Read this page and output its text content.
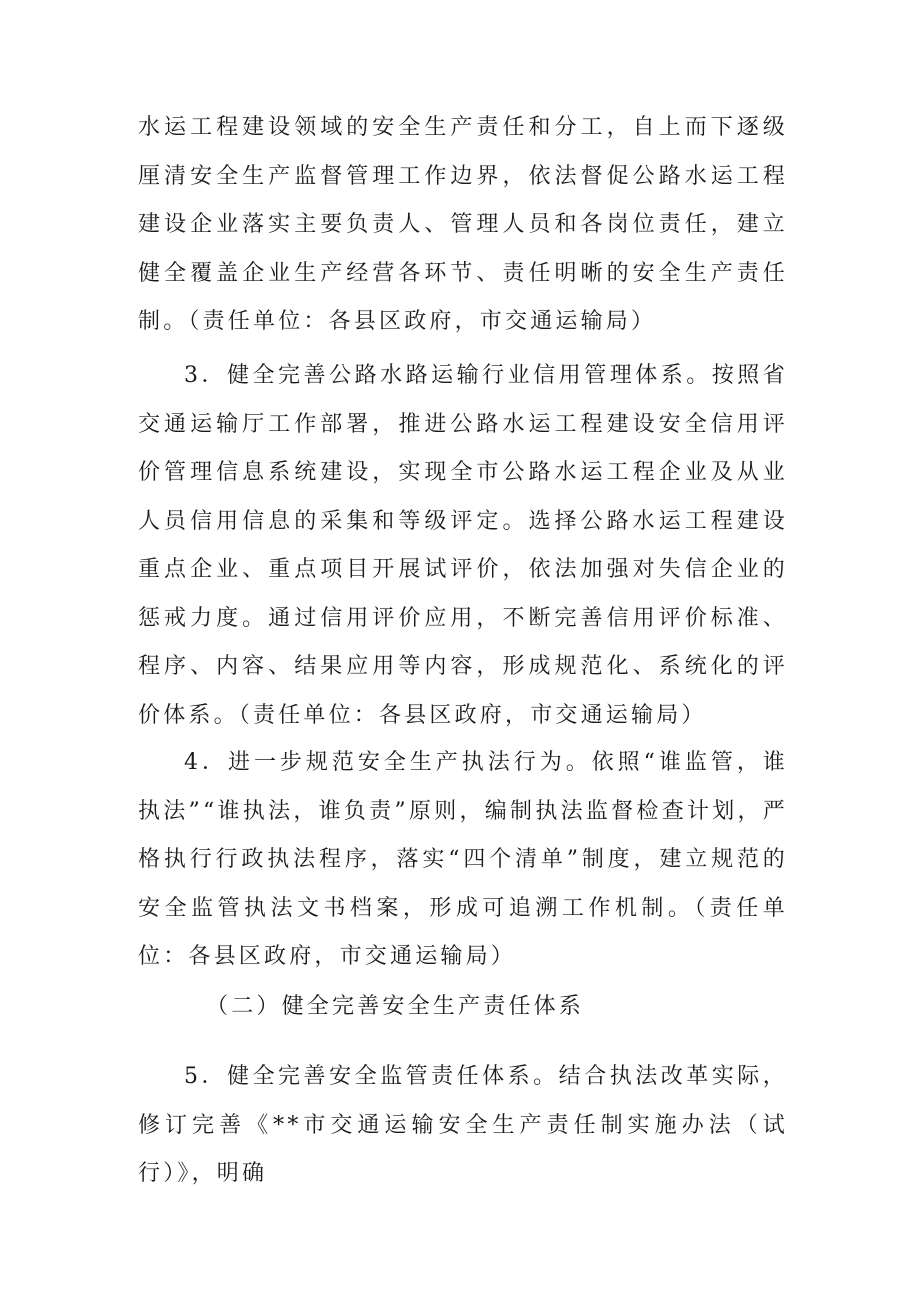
水运工程建设领域的安全生产责任和分工，自上而下逐级厘清安全生产监督管理工作边界，依法督促公路水运工程建设企业落实主要负责人、管理人员和各岗位责任，建立健全覆盖企业生产经营各环节、责任明晰的安全生产责任制。（责任单位：各县区政府，市交通运输局）

3．健全完善公路水路运输行业信用管理体系。按照省交通运输厅工作部署，推进公路水运工程建设安全信用评价管理信息系统建设，实现全市公路水运工程企业及从业人员信用信息的采集和等级评定。选择公路水运工程建设重点企业、重点项目开展试评价，依法加强对失信企业的惩戒力度。通过信用评价应用，不断完善信用评价标准、程序、内容、结果应用等内容，形成规范化、系统化的评价体系。（责任单位：各县区政府，市交通运输局）

4．进一步规范安全生产执法行为。依照“谁监管，谁执法”“谁执法，谁负责”原则，编制执法监督检查计划，严格执行行政执法程序，落实“四个清单”制度，建立规范的安全监管执法文书档案，形成可追溯工作机制。（责任单位：各县区政府，市交通运输局）

（二）健全完善安全生产责任体系

5．健全完善安全监管责任体系。结合执法改革实际，修订完善《**市交通运输安全生产责任制实施办法（试行）》，明确
